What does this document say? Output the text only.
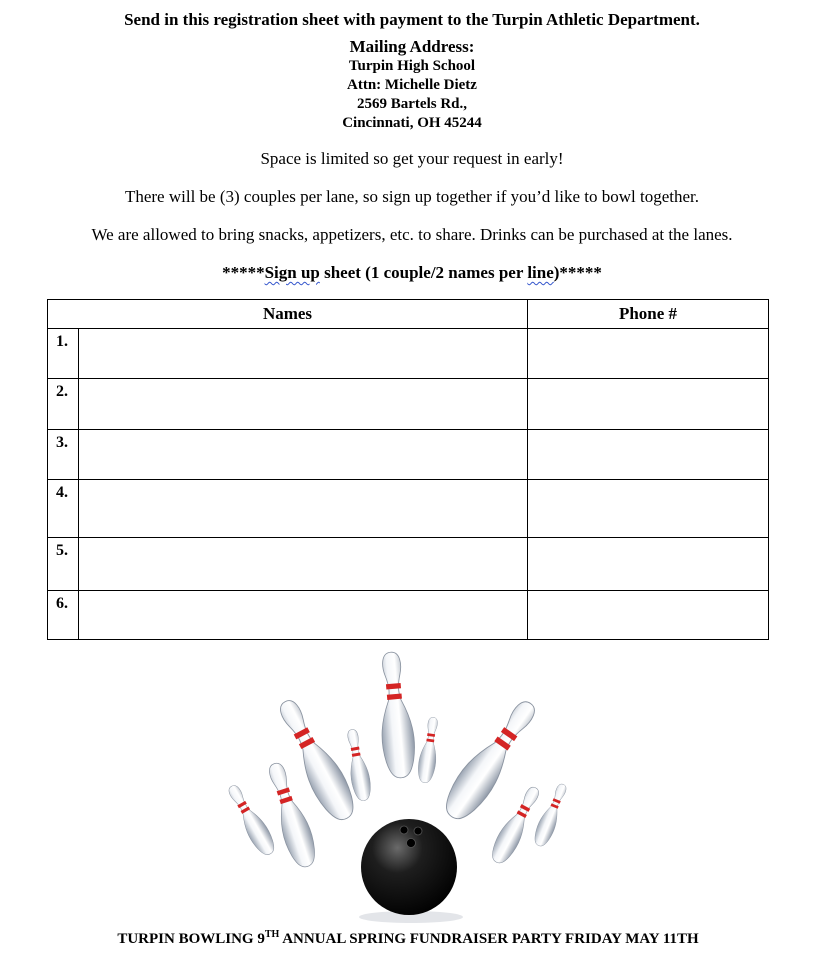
Send in this registration sheet with payment to the Turpin Athletic Department.
Mailing Address:
Turpin High School
Attn: Michelle Dietz
2569 Bartels Rd.,
Cincinnati, OH 45244
Space is limited so get your request in early!
There will be (3) couples per lane, so sign up together if you’d like to bowl together.
We are allowed to bring snacks, appetizers, etc. to share. Drinks can be purchased at the lanes.
*****Sign up sheet (1 couple/2 names per line)*****
Names		Phone #
1.		
2.		
3.		
4.		
5.		
6.		
TURPIN BOWLING 9TH ANNUAL SPRING FUNDRAISER PARTY FRIDAY MAY 11TH
